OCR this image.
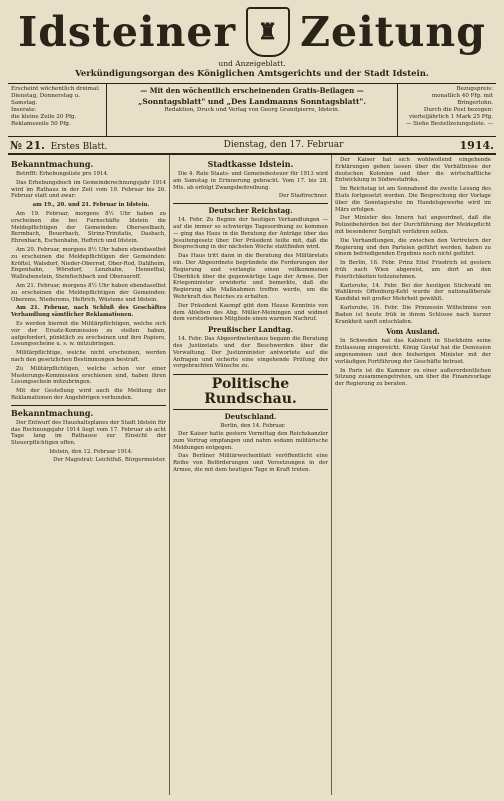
Idsteiner ♜ Zeitung
und Anzeigeblatt.
Verkündigungsorgan des Königlichen Amtsgerichts und der Stadt Idstein.
Erscheint wöchentlich dreimal:
Dienstag, Donnerstag u. Samstag.
Inserate:
die kleine Zeile 20 Pfg.
Reklamezeile 50 Pfg.
— Mit den wöchentlich erscheinenden Gratis-Beilagen —
„Sonntagsblatt" und „Des Landmanns Sonntagsblatt".
Redaktion, Druck und Verlag von Georg Grandpierre, Idstein.
Bezugspreis:
monatlich 40 Pfg. mit Bringerlohn.
Durch die Post bezogen:
vierteljährlich 1 Mark 25 Pfg.
— Siehe Bestellzeiungsliste. —
№ 21. Erstes Blatt.	Dienstag, den 17. Februar	1914.
Bekanntmachung.

Betrifft: Erhebungsliste pro 1914.

Das Erhebungsbuch im Gemeinderechnungsjahr 1914 wird im Rathaus in der Zeit vom 19. Februar bis 26. Februar statt und zwar:

am 19., 20. und 21. Februar in Idstein.

Am 19. Februar, morgens 8½ Uhr haben zu erscheinen die bei Furnschäfte Idstein die Meldepflichtigen der Gemeinden: Oberseelbach, Bermbach, Beuerbach, Strinz-Trinitatis, Dasbach, Ehrenbach, Eschenhahn, Heftrich und Idstein.

Am 20. Februar, morgens 8½ Uhr haben ebendaselbst zu erscheinen die Meldepflichtigen der Gemeinden: Kröftel, Walsdorf, Nieder-Oberrod, Ober-Rod, Dahlheim, Engenhahn, Wörsdorf, Lenzhahn, Hennethal, Wallrabenstein, Steinfischbach und Oberauroff.

Am 21. Februar, morgens 8½ Uhr haben ebendaselbst zu erscheinen die Meldepflichtigen der Gemeinden: Oberems, Niederems, Heftrich, Wüstems und Idstein.

Am 21. Februar, nach Schluß des Geschäftes Verhandlung sämtlicher Reklamationen.

Es werden hiermit die Militärpflichtigen, welche sich vor der Ersatz-Kommission zu stellen haben, aufgefordert, pünktlich zu erscheinen und ihre Papiere, Losungsscheine u. s. w. mitzubringen.

Militärpflichtige, welche nicht erscheinen, werden nach den gesetzlichen Bestimmungen bestraft.

Zu Militärpflichtigen, welche schon vor einer Musterungs-Kommission erschienen sind, haben ihren Losungsschein mitzubringen.

Mit der Gestellung wird auch die Meldung der Reklamationen der Angehörigen verbunden.

Bekanntmachung.

Der Entwurf des Haushaltsplanes der Stadt Idstein für das Rechnungsjahr 1914 liegt vom 17. Februar ab acht Tage lang im Rathause zur Einsicht der Steuerpflichtigen offen.

Idstein, den 12. Februar 1914.

Der Magistrat: Leichtfuß, Bürgermeister.

Stadtkasse Idstein.

Die 4. Rate Staats- und Gemeindesteuer für 1913 wird am Samstag in Erinnerung gebracht. Vom 17. bis 28. Mts. ab erfolgt Zwangsbeitreibung.

Der Stadtrechner.

Deutscher Reichstag.

14. Febr. Zu Beginn der heutigen Verhandlungen — auf die immer so schwierige Tagesordnung zu kommen — ging das Haus in die Beratung der Anträge über das Jesuitengesetz über. Der Präsident teilte mit, daß die Besprechung in der nächsten Woche stattfinden wird.

Das Haus tritt dann in die Beratung des Militäretats ein. Der Abgeordnete begründete die Forderungen der Regierung und verlangte einen vollkommenen Überblick über die gegenwärtige Lage der Armee. Der Kriegsminister erwiderte und bemerkte, daß die Regierung alle Maßnahmen treffen werde, um die Wehrkraft des Reiches zu erhalten.

Der Präsident Kaempf gibt dem Hause Kenntnis von dem Ableben des Abg. Müller-Meiningen und widmet dem verstorbenen Mitgliede einen warmen Nachruf.

Preußischer Landtag.

14. Febr. Das Abgeordnetenhaus begann die Beratung des Justizetats und der Beschwerden über die Verwaltung. Der Justizminister antwortete auf die Anfragen und sicherte eine eingehende Prüfung der vorgebrachten Wünsche zu.

Politische Rundschau.
Deutschland.

Berlin, den 14. Februar.

Der Kaiser hatte gestern Vormittag den Reichskanzler zum Vortrag empfangen und nahm sodann militärische Meldungen entgegen.

Das Berliner Militärwochenblatt veröffentlicht eine Reihe von Beförderungen und Versetzungen in der Armee, die mit dem heutigen Tage in Kraft treten.

Der Kaiser hat sich wohlwollend eingehende Erklärungen geben lassen über die Verhältnisse der deutschen Kolonien und über die wirtschaftliche Entwicklung in Südwestafrika.

Im Reichstag ist am Sonnabend die zweite Lesung des Etats fortgesetzt worden. Die Besprechung der Vorlage über die Sonntagsruhe im Handelsgewerbe wird im März erfolgen.

Der Minister des Innern hat angeordnet, daß die Polizeibehörden bei der Durchführung der Meldepflicht mit besonderer Sorgfalt verfahren sollen.

Die Verhandlungen, die zwischen den Vertretern der Regierung und den Parteien geführt werden, haben zu einem befriedigenden Ergebnis noch nicht geführt.

In Berlin, 16. Febr. Prinz Eitel Friedrich ist gestern früh nach Wien abgereist, um dort an den Feierlichkeiten teilzunehmen.

Karlsruhe, 14. Febr. Bei der heutigen Stichwahl im Wahlkreis Offenburg-Kehl wurde der nationalliberale Kandidat mit großer Mehrheit gewählt.

Karlsruhe, 16. Febr. Die Prinzessin Wilhelmine von Baden ist heute früh in ihrem Schlosse nach kurzer Krankheit sanft entschlafen.

Vom Ausland.

In Schweden hat das Kabinett in Stockholm seine Entlassung eingereicht. König Gustaf hat die Demission angenommen und den bisherigen Minister mit der vorläufigen Fortführung der Geschäfte betraut.

In Paris ist die Kammer zu einer außerordentlichen Sitzung zusammengetreten, um über die Finanzvorlage der Regierung zu beraten.
